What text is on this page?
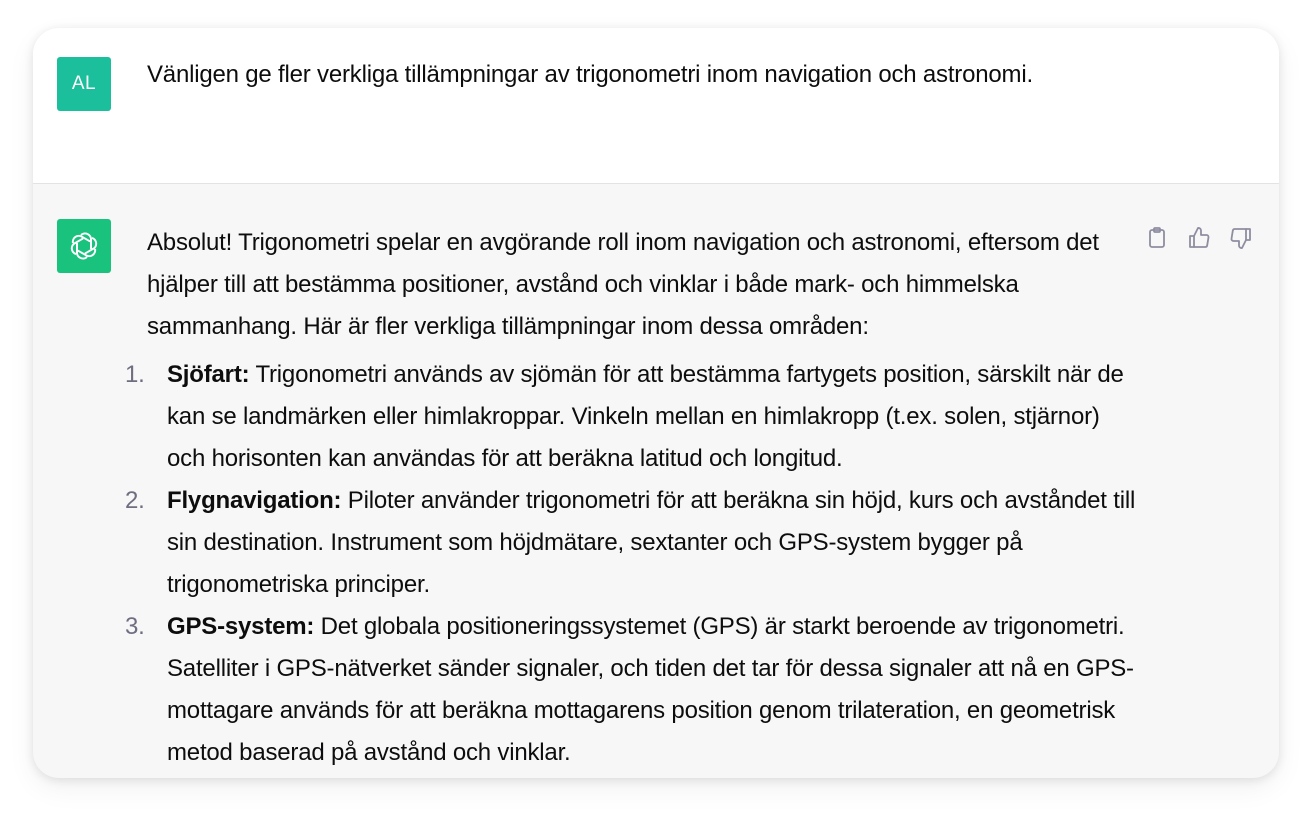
AL Vänligen ge fler verkliga tillämpningar av trigonometri inom navigation och astronomi.

Absolut! Trigonometri spelar en avgörande roll inom navigation och astronomi, eftersom det hjälper till att bestämma positioner, avstånd och vinklar i både mark- och himmelska sammanhang. Här är fler verkliga tillämpningar inom dessa områden:

1. Sjöfart: Trigonometri används av sjömän för att bestämma fartygets position, särskilt när de kan se landmärken eller himlakroppar. Vinkeln mellan en himlakropp (t.ex. solen, stjärnor) och horisonten kan användas för att beräkna latitud och longitud.
2. Flygnavigation: Piloter använder trigonometri för att beräkna sin höjd, kurs och avståndet till sin destination. Instrument som höjdmätare, sextanter och GPS-system bygger på trigonometriska principer.
3. GPS-system: Det globala positioneringssystemet (GPS) är starkt beroende av trigonometri. Satelliter i GPS-nätverket sänder signaler, och tiden det tar för dessa signaler att nå en GPS-mottagare används för att beräkna mottagarens position genom trilateration, en geometrisk metod baserad på avstånd och vinklar.
